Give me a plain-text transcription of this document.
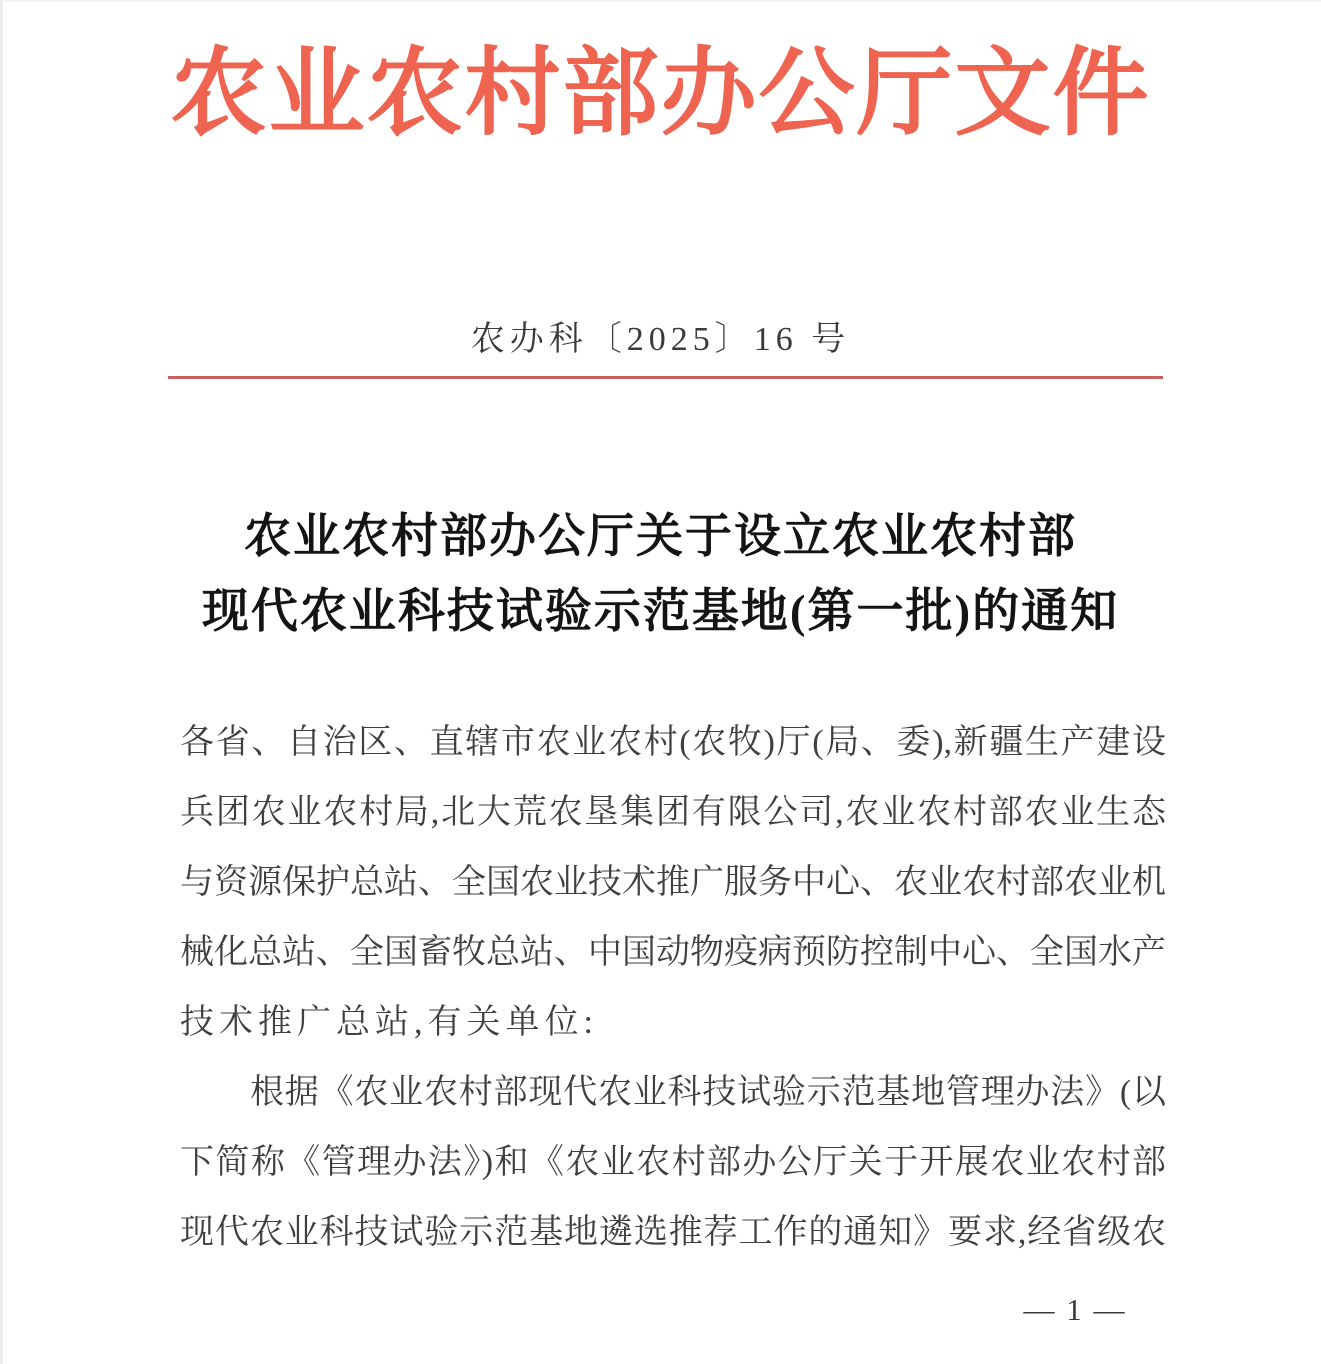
农业农村部办公厅文件
农办科〔2025〕16 号
农业农村部办公厅关于设立农业农村部
现代农业科技试验示范基地(第一批)的通知
各省、自治区、直辖市农业农村(农牧)厅(局、委),新疆生产建设
兵团农业农村局,北大荒农垦集团有限公司,农业农村部农业生态
与资源保护总站、全国农业技术推广服务中心、农业农村部农业机
械化总站、全国畜牧总站、中国动物疫病预防控制中心、全国水产
技术推广总站,有关单位:
根据《农业农村部现代农业科技试验示范基地管理办法》(以
下简称《管理办法》)和《农业农村部办公厅关于开展农业农村部
现代农业科技试验示范基地遴选推荐工作的通知》要求,经省级农
— 1 —
